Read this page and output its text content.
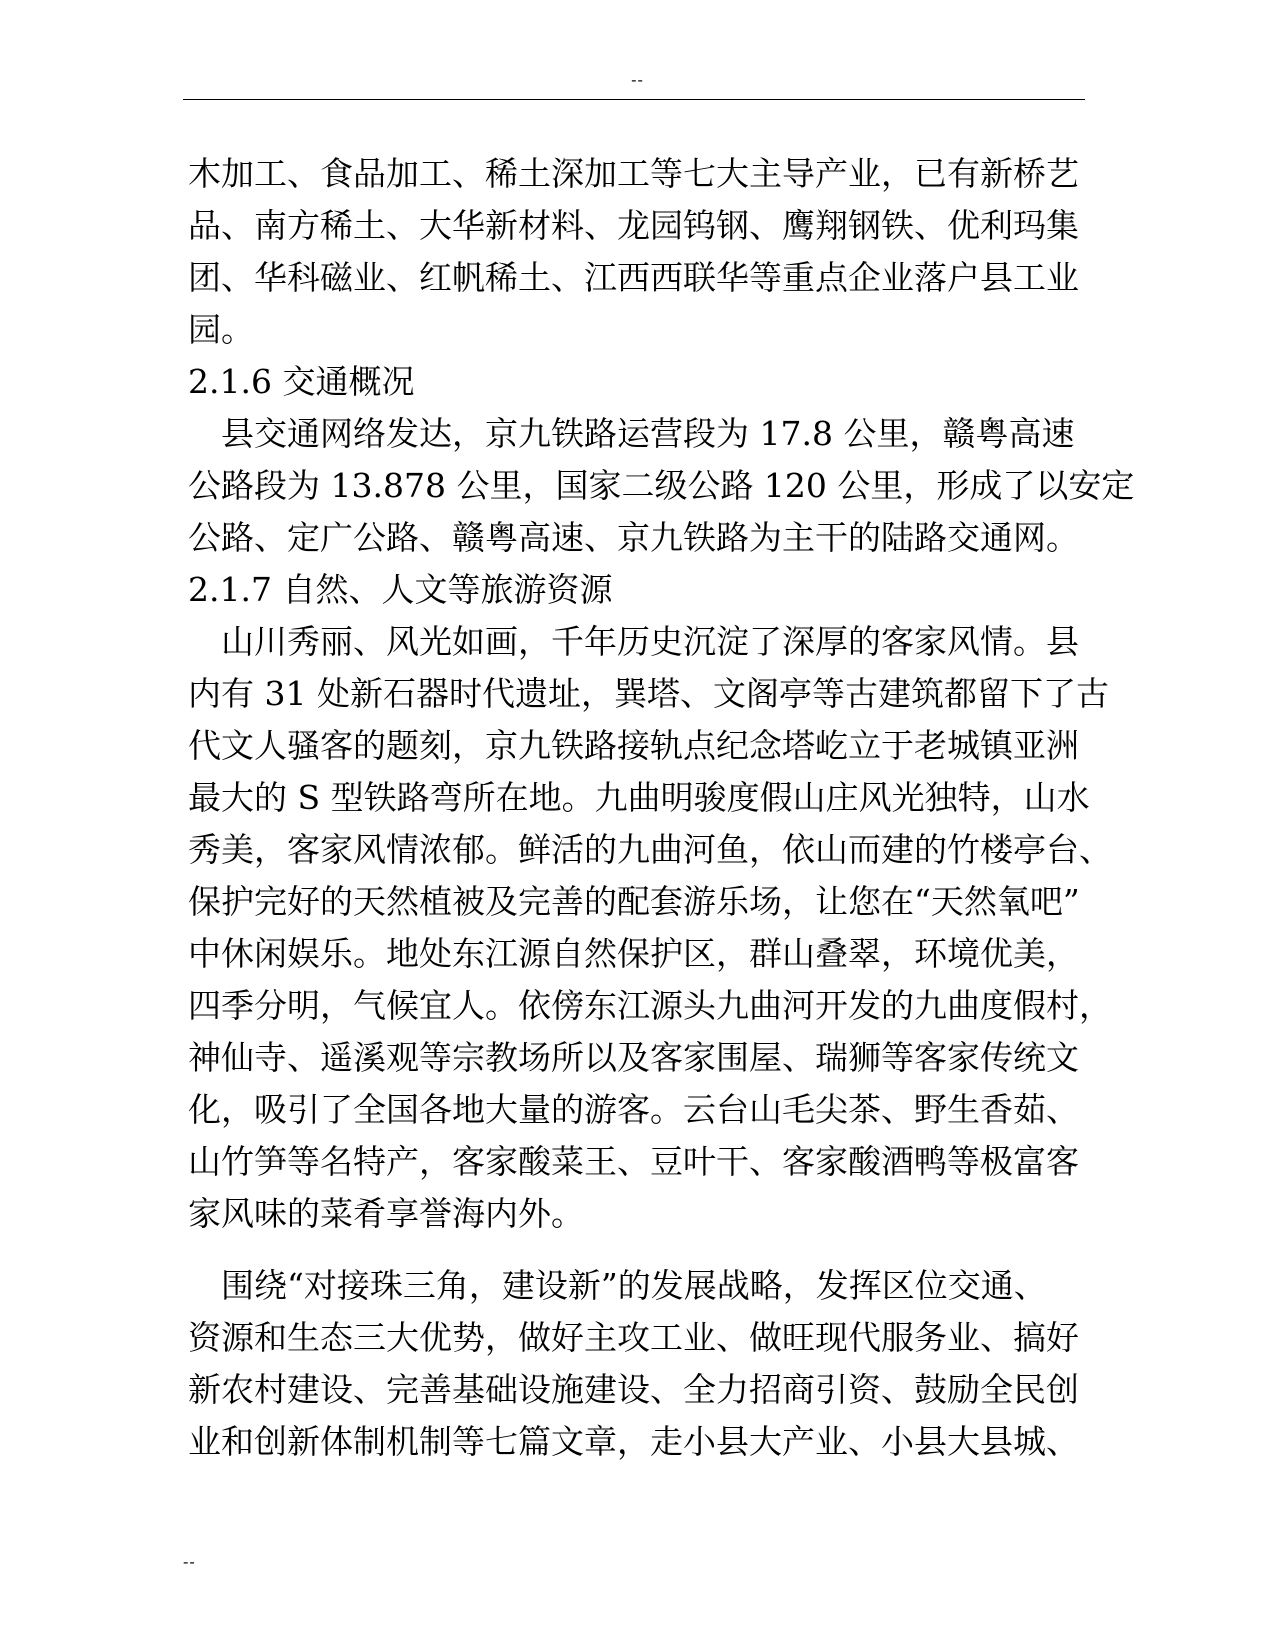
--
木加工、食品加工、稀土深加工等七大主导产业，已有新桥艺
品、南方稀土、大华新材料、龙园钨钢、鹰翔钢铁、优利玛集
团、华科磁业、红帆稀土、江西西联华等重点企业落户县工业
园。
2.1.6 交通概况
　县交通网络发达，京九铁路运营段为 17.8 公里，赣粤高速
公路段为 13.878 公里，国家二级公路 120 公里，形成了以安定
公路、定广公路、赣粤高速、京九铁路为主干的陆路交通网。
2.1.7 自然、人文等旅游资源
　山川秀丽、风光如画，千年历史沉淀了深厚的客家风情。县
内有 31 处新石器时代遗址，巽塔、文阁亭等古建筑都留下了古
代文人骚客的题刻，京九铁路接轨点纪念塔屹立于老城镇亚洲
最大的 S 型铁路弯所在地。九曲明骏度假山庄风光独特，山水
秀美，客家风情浓郁。鲜活的九曲河鱼，依山而建的竹楼亭台、
保护完好的天然植被及完善的配套游乐场，让您在“天然氧吧”
中休闲娱乐。地处东江源自然保护区，群山叠翠，环境优美，
四季分明，气候宜人。依傍东江源头九曲河开发的九曲度假村，
神仙寺、遥溪观等宗教场所以及客家围屋、瑞狮等客家传统文
化，吸引了全国各地大量的游客。云台山毛尖茶、野生香茹、
山竹笋等名特产，客家酸菜王、豆叶干、客家酸酒鸭等极富客
家风味的菜肴享誉海内外。
　围绕“对接珠三角，建设新”的发展战略，发挥区位交通、
资源和生态三大优势，做好主攻工业、做旺现代服务业、搞好
新农村建设、完善基础设施建设、全力招商引资、鼓励全民创
业和创新体制机制等七篇文章，走小县大产业、小县大县城、
--
